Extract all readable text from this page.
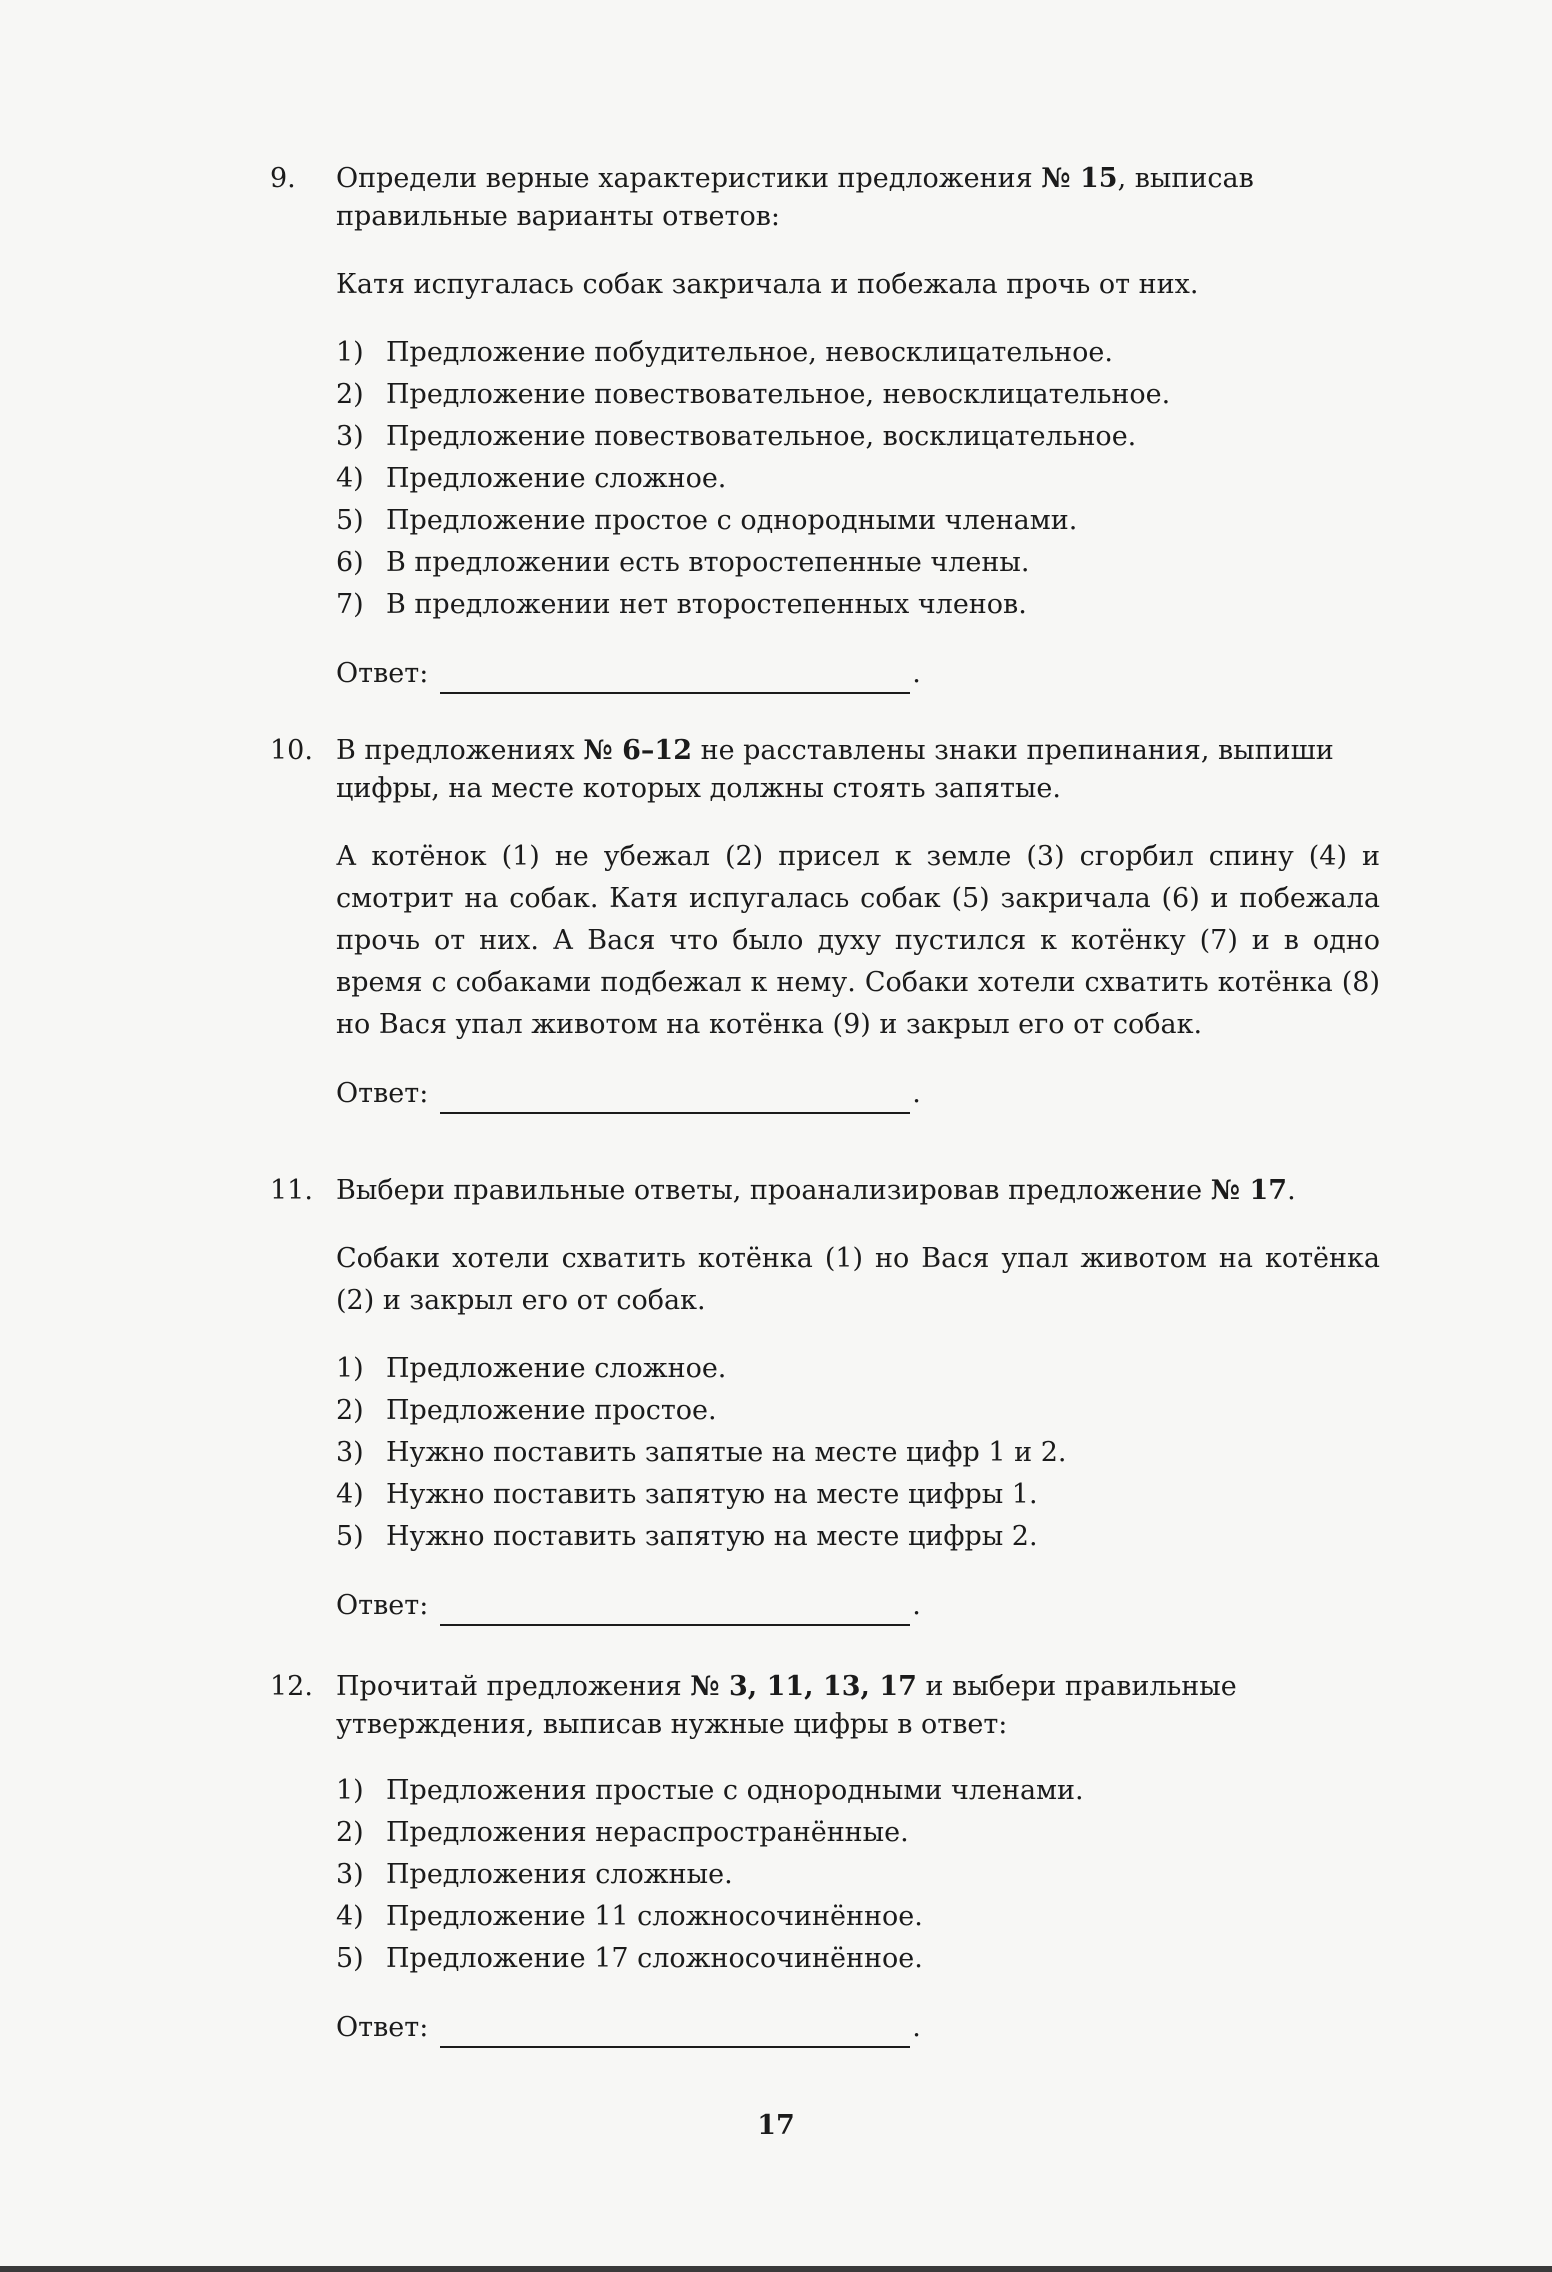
9. Определи верные характеристики предложения № 15, выписав правильные варианты ответов:
Катя испугалась собак закричала и побежала прочь от них.
1) Предложение побудительное, невосклицательное.
2) Предложение повествовательное, невосклицательное.
3) Предложение повествовательное, восклицательное.
4) Предложение сложное.
5) Предложение простое с однородными членами.
6) В предложении есть второстепенные члены.
7) В предложении нет второстепенных членов.
Ответ:	.
10. В предложениях № 6–12 не расставлены знаки препинания, выпиши цифры, на месте которых должны стоять запятые.
А котёнок (1) не убежал (2) присел к земле (3) сгорбил спину (4) и смотрит на собак. Катя испугалась собак (5) закричала (6) и побежала прочь от них. А Вася что было духу пустился к котёнку (7) и в одно время с собаками подбежал к нему. Собаки хотели схватить котёнка (8) но Вася упал животом на котёнка (9) и закрыл его от собак.
Ответ:	.
11. Выбери правильные ответы, проанализировав предложение № 17.
Собаки хотели схватить котёнка (1) но Вася упал животом на котёнка (2) и закрыл его от собак.
1) Предложение сложное.
2) Предложение простое.
3) Нужно поставить запятые на месте цифр 1 и 2.
4) Нужно поставить запятую на месте цифры 1.
5) Нужно поставить запятую на месте цифры 2.
Ответ:	.
12. Прочитай предложения № 3, 11, 13, 17 и выбери правильные утверждения, выписав нужные цифры в ответ:
1) Предложения простые с однородными членами.
2) Предложения нераспространённые.
3) Предложения сложные.
4) Предложение 11 сложносочинённое.
5) Предложение 17 сложносочинённое.
Ответ:	.
17
